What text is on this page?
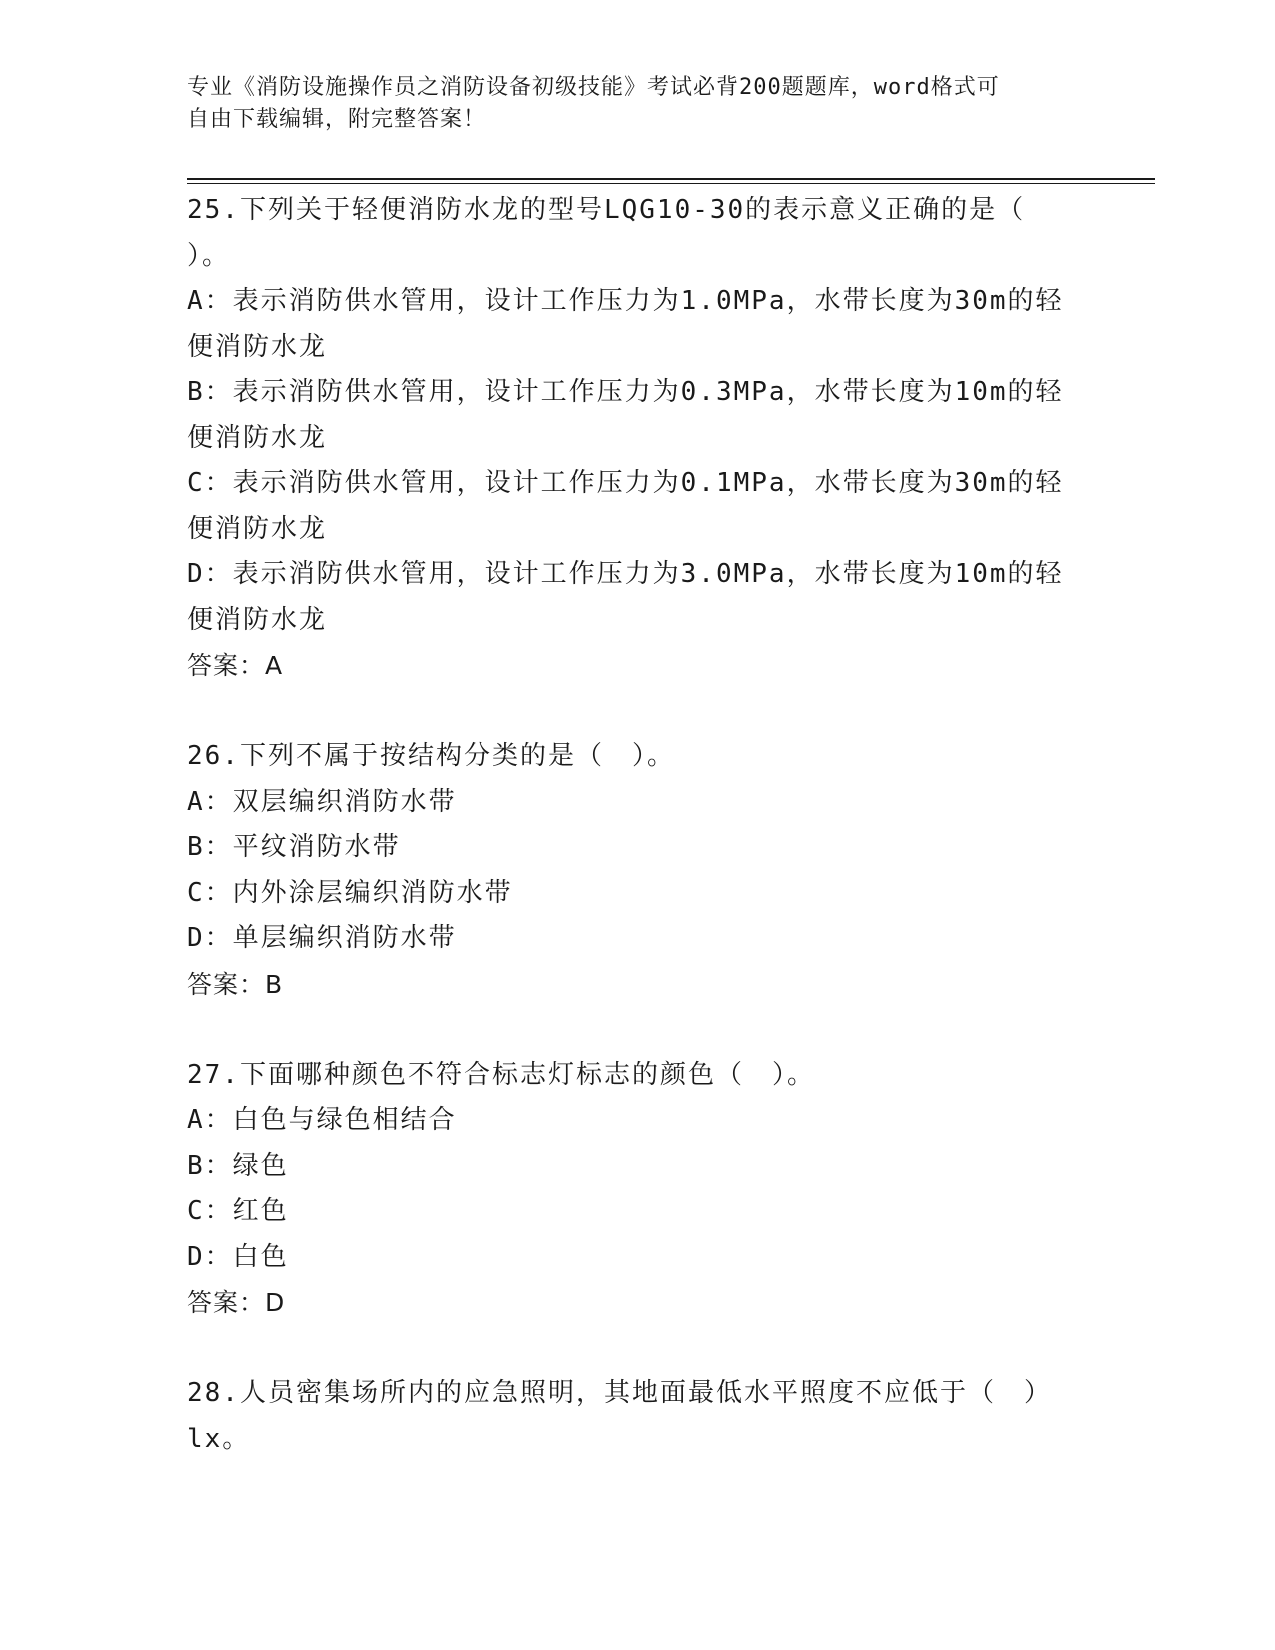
专业《消防设施操作员之消防设备初级技能》考试必背200题题库，word格式可
自由下载编辑，附完整答案！
25.下列关于轻便消防水龙的型号LQG10-30的表示意义正确的是（
）。
A：表示消防供水管用，设计工作压力为1.0MPa，水带长度为30m的轻
便消防水龙
B：表示消防供水管用，设计工作压力为0.3MPa，水带长度为10m的轻
便消防水龙
C：表示消防供水管用，设计工作压力为0.1MPa，水带长度为30m的轻
便消防水龙
D：表示消防供水管用，设计工作压力为3.0MPa，水带长度为10m的轻
便消防水龙
答案：A
26.下列不属于按结构分类的是（　）。
A：双层编织消防水带
B：平纹消防水带
C：内外涂层编织消防水带
D：单层编织消防水带
答案：B
27.下面哪种颜色不符合标志灯标志的颜色（　）。
A：白色与绿色相结合
B：绿色
C：红色
D：白色
答案：D
28.人员密集场所内的应急照明，其地面最低水平照度不应低于（　）
lx。
